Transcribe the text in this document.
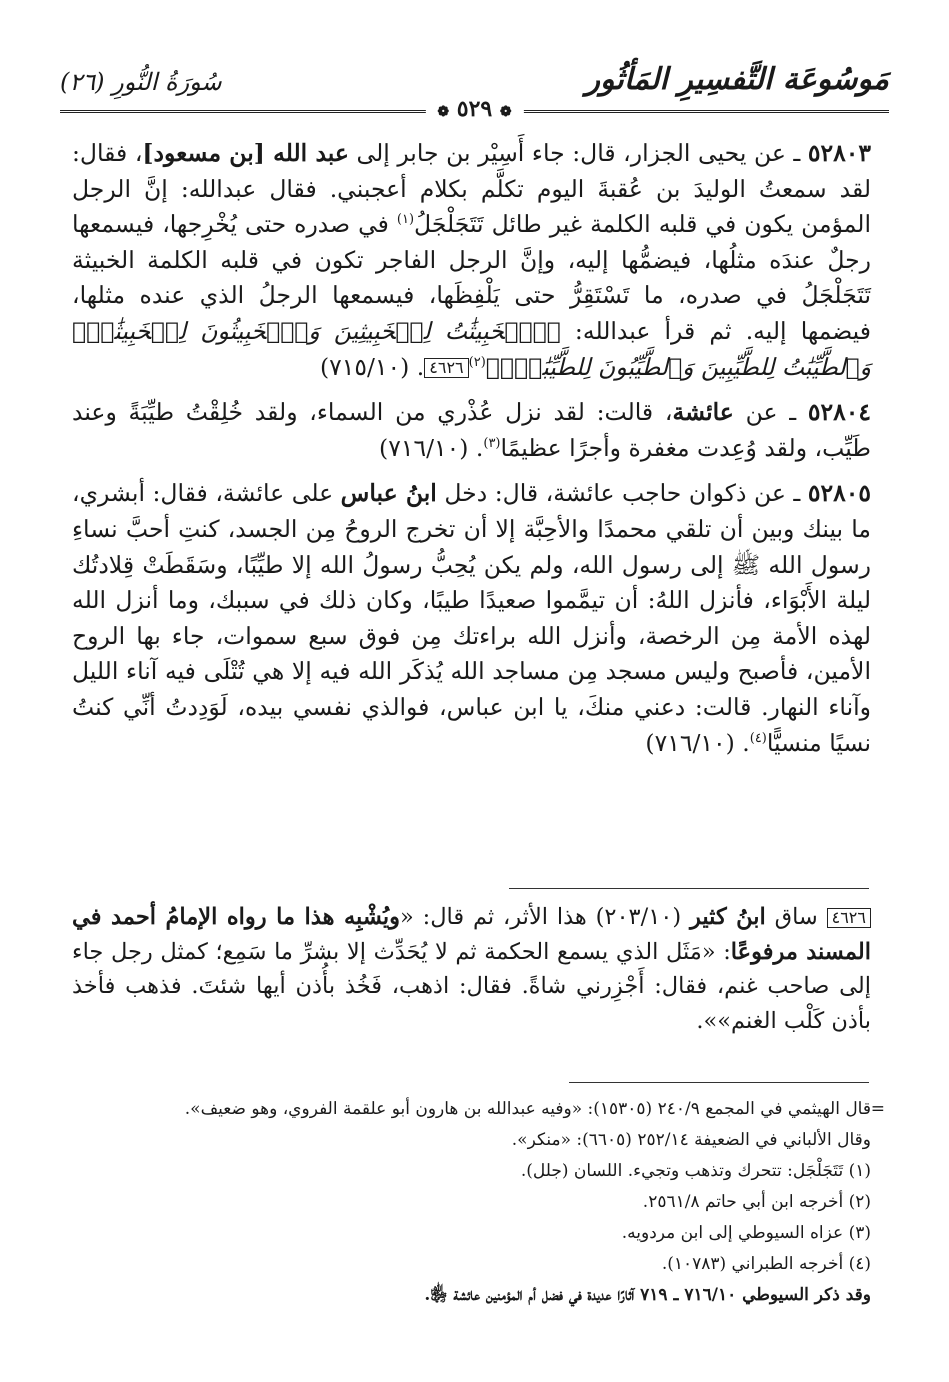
مَوسُوعَة التَّفسِيرِ المَأثُور
سُورَةُ النُّورِ (٢٦)
❁ ٥٢٩ ❁

٥٢٨٠٣ ـ عن يحيى الجزار، قال: جاء أَسِيْر بن جابر إلى عبد الله [بن مسعود]، فقال: لقد سمعتُ الوليدَ بن عُقبةَ اليوم تكلَّم بكلام أعجبني. فقال عبدالله: إنَّ الرجل المؤمن يكون في قلبه الكلمة غير طائل تَتَجَلْجَلُ$^{(١)}$ في صدره حتى يُخْرِجها، فيسمعها رجلٌ عندَه مثلُها، فيضمُّها إليه، وإنَّ الرجل الفاجر تكون في قلبه الكلمة الخبيثة تَتَجَلْجَلُ في صدره، ما تَسْتَقِرُّ حتى يَلْفِظَها، فيسمعها الرجلُ الذي عنده مثلها، فيضمها إليه. ثم قرأ عبدالله: ﴿ٱلۡخَبِيثَٰتُ لِلۡخَبِيثِينَ وَٱلۡخَبِيثُونَ لِلۡخَبِيثَٰتِۖ وَٱلطَّيِّبَٰتُ لِلطَّيِّبِينَ وَٱلطَّيِّبُونَ لِلطَّيِّبَٰتِۚ﴾$^{(٢)}$٤٦٢٦. (٧١٥/١٠)

٥٢٨٠٤ ـ عن عائشة، قالت: لقد نزل عُذْري من السماء، ولقد خُلِقْتُ طيِّبَةً وعند طَيِّب، ولقد وُعِدت مغفرة وأجرًا عظيمًا$^{(٣)}$. (٧١٦/١٠)

٥٢٨٠٥ ـ عن ذكوان حاجب عائشة، قال: دخل ابنُ عباس على عائشة، فقال: أبشري، ما بينك وبين أن تلقي محمدًا والأحِبَّة إلا أن تخرج الروحُ مِن الجسد، كنتِ أحبَّ نساءِ رسول الله ﷺ إلى رسول الله، ولم يكن يُحِبُّ رسولُ الله إلا طيِّبًا، وسَقَطَتْ قِلادتُك ليلة الأَبْوَاء، فأنزل اللهُ: أن تيمَّموا صعيدًا طيبًا، وكان ذلك في سببك، وما أنزل الله لهذه الأمة مِن الرخصة، وأنزل الله براءتك مِن فوق سبع سموات، جاء بها الروح الأمين، فأصبح وليس مسجد مِن مساجد الله يُذكَر الله فيه إلا هي تُتْلَى فيه آناء الليل وآناء النهار. قالت: دعني منكَ، يا ابن عباس، فوالذي نفسي بيده، لَوَدِدتُ أنِّي كنتُ نسيًا منسيًّا$^{(٤)}$. (٧١٦/١٠)

٤٦٢٦ ساق ابنُ كثير (٢٠٣/١٠) هذا الأثر، ثم قال: «ويُشْبِه هذا ما رواه الإمامُ أحمد في المسند مرفوعًا: «مَثَل الذي يسمع الحكمة ثم لا يُحَدِّث إلا بشرِّ ما سَمِع؛ كمثل رجل جاء إلى صاحب غنم، فقال: أَجْزِرني شاةً. فقال: اذهب، فَخُذ بأُذن أيها شئتَ. فذهب فأخذ بأذن كَلْب الغنم»».
=
قال الهيثمي في المجمع ٢٤٠/٩ (١٥٣٠٥): «وفيه عبدالله بن هارون أبو علقمة الفروي، وهو ضعيف».
وقال الألباني في الضعيفة ٢٥٢/١٤ (٦٦٠٥): «منكر».
(١) تَتَجَلْجَل: تتحرك وتذهب وتجيء. اللسان (جلل).
(٢) أخرجه ابن أبي حاتم ٢٥٦١/٨.
(٣) عزاه السيوطي إلى ابن مردويه.
(٤) أخرجه الطبراني (١٠٧٨٣).
وقد ذكر السيوطي ٧١٦/١٠ ـ ٧١٩ آثارًا عديدة في فضل أم المؤمنين عائشة ﵂.
